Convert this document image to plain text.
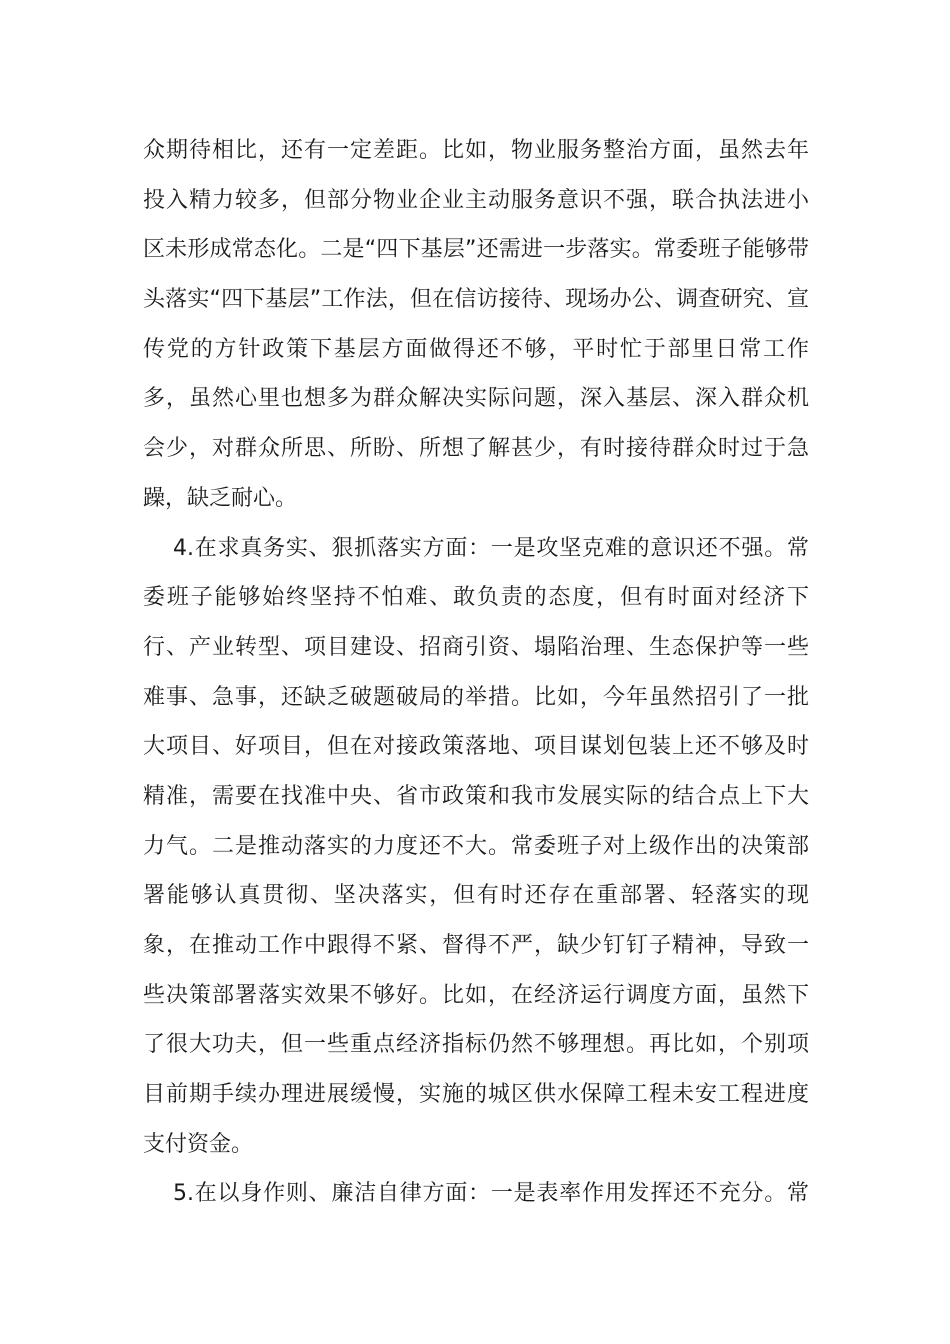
众期待相比，还有一定差距。比如，物业服务整治方面，虽然去年
投入精力较多，但部分物业企业主动服务意识不强，联合执法进小
区未形成常态化。二是“四下基层”还需进一步落实。常委班子能够带
头落实“四下基层”工作法，但在信访接待、现场办公、调查研究、宣
传党的方针政策下基层方面做得还不够，平时忙于部里日常工作
多，虽然心里也想多为群众解决实际问题，深入基层、深入群众机
会少，对群众所思、所盼、所想了解甚少，有时接待群众时过于急
躁，缺乏耐心。
4.在求真务实、狠抓落实方面：一是攻坚克难的意识还不强。常
委班子能够始终坚持不怕难、敢负责的态度，但有时面对经济下
行、产业转型、项目建设、招商引资、塌陷治理、生态保护等一些
难事、急事，还缺乏破题破局的举措。比如，今年虽然招引了一批
大项目、好项目，但在对接政策落地、项目谋划包装上还不够及时
精准，需要在找准中央、省市政策和我市发展实际的结合点上下大
力气。二是推动落实的力度还不大。常委班子对上级作出的决策部
署能够认真贯彻、坚决落实，但有时还存在重部署、轻落实的现
象，在推动工作中跟得不紧、督得不严，缺少钉钉子精神，导致一
些决策部署落实效果不够好。比如，在经济运行调度方面，虽然下
了很大功夫，但一些重点经济指标仍然不够理想。再比如，个别项
目前期手续办理进展缓慢，实施的城区供水保障工程未安工程进度
支付资金。
5.在以身作则、廉洁自律方面：一是表率作用发挥还不充分。常
